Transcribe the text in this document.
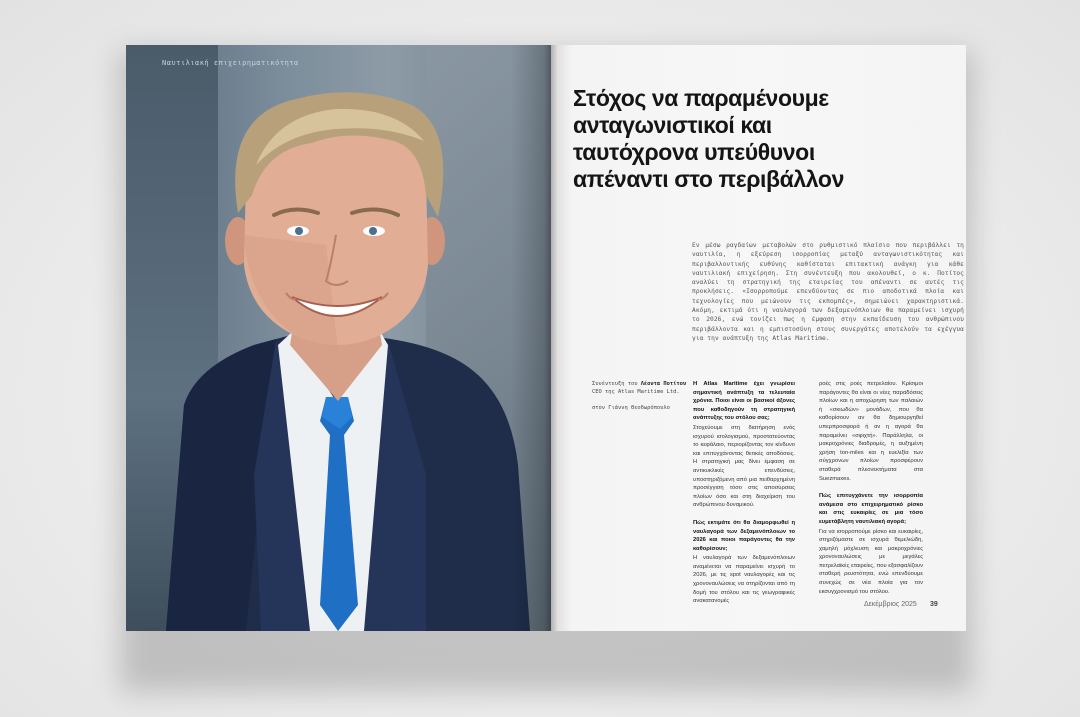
Ναυτιλιακή επιχειρηματικότητα
Στόχος να παραμένουμε
ανταγωνιστικοί και
ταυτόχρονα υπεύθυνοι
απέναντι στο περιβάλλον

Εν μέσω ραγδαίων μεταβολών στο ρυθμιστικό πλαίσιο που περιβάλλει τη ναυτιλία, η εξεύρεση ισορροπίας μεταξύ ανταγωνιστικότητας και περιβαλλοντικής ευθύνης καθίσταται επιτακτική ανάγκη για κάθε ναυτιλιακή επιχείρηση. Στη συνέντευξη που ακολουθεί, ο κ. Ποτίτος αναλύει τη στρατηγική της εταιρείας του απέναντι σε αυτές τις προκλήσεις. «Ισορροπούμε επενδύοντας σε πιο αποδοτικά πλοία και τεχνολογίες που μειώνουν τις εκπομπές», σημειώνει χαρακτηριστικά. Ακόμη, εκτιμά ότι η ναυλαγορά των δεξαμενόπλοιων θα παραμείνει ισχυρή το 2026, ενώ τονίζει πως η έμφαση στην εκπαίδευση του ανθρώπινου περιβάλλοντα και η εμπιστοσύνη στους συνεργάτες αποτελούν τα εχέγγυα για την ανάπτυξη της Atlas Maritime.

Συνέντευξη του Λέοντα Ποτίτου
CEO της Atlas Maritime Ltd.

στον Γιάννη Θεοδωρόπουλο

Η Atlas Maritime έχει γνωρίσει σημαντική ανάπτυξη τα τελευταία χρόνια. Ποιοι είναι οι βασικοί άξονες που καθοδηγούν τη στρατηγική ανάπτυξης του στόλου σας;
Στοχεύουμε στη διατήρηση ενός ισχυρού ισολογισμού, προστατεύοντας το κεφάλαιο, περιορίζοντας τον κίνδυνο και επιτυγχάνοντας θετικές αποδόσεις. Η στρατηγική μας δίνει έμφαση σε αντικυκλικές επενδύσεις, υποστηριζόμενη από μια πειθαρχημένη προσέγγιση τόσο στις αποσύρσεις πλοίων όσο και στη διαχείριση του ανθρώπινου δυναμικού.
Πώς εκτιμάτε ότι θα διαμορφωθεί η ναυλαγορά των δεξαμενόπλοιων το 2026 και ποιοι παράγοντες θα την καθορίσουν;
Η ναυλαγορά των δεξαμενόπλοιων αναμένεται να παραμείνει ισχυρή το 2026, με τις spot ναυλαγορές και τις χρονοναυλώσεις να στηρίζονται από τη δομή του στόλου και τις γεωγραφικές ανακατανομές
ροές στις ροές πετρελαίου. Κρίσιμοι παράγοντες θα είναι οι νέες παραδόσεις πλοίων και η αποχώρηση των παλαιών ή «σκιωδών» μονάδων, που θα καθορίσουν αν θα δημιουργηθεί υπερπροσφορά ή αν η αγορά θα παραμείνει «σφιχτή». Παράλληλα, οι μακροχρόνιες διαδρομές, η αυξημένη χρήση ton-miles και η ευελιξία των σύγχρονων πλοίων προσφέρουν σταθερά πλεονεκτήματα στα Suezmaxes.
Πώς επιτυγχάνετε την ισορροπία ανάμεσα στο επιχειρηματικό ρίσκο και στις ευκαιρίες σε μια τόσο ευμετάβλητη ναυτιλιακή αγορά;
Για να ισορροπούμε ρίσκο και ευκαιρίες, στηριζόμαστε σε ισχυρά θεμελιώδη, χαμηλή μόχλευση και μακροχρόνιες χρονοναυλώσεις με μεγάλες πετρελαϊκές εταιρείες, που εξασφαλίζουν σταθερή ρευστότητα, ενώ επενδύουμε συνεχώς σε νέα πλοία για τον εκσυγχρονισμό του στόλου.
Δεκέμβριος 2025 39
